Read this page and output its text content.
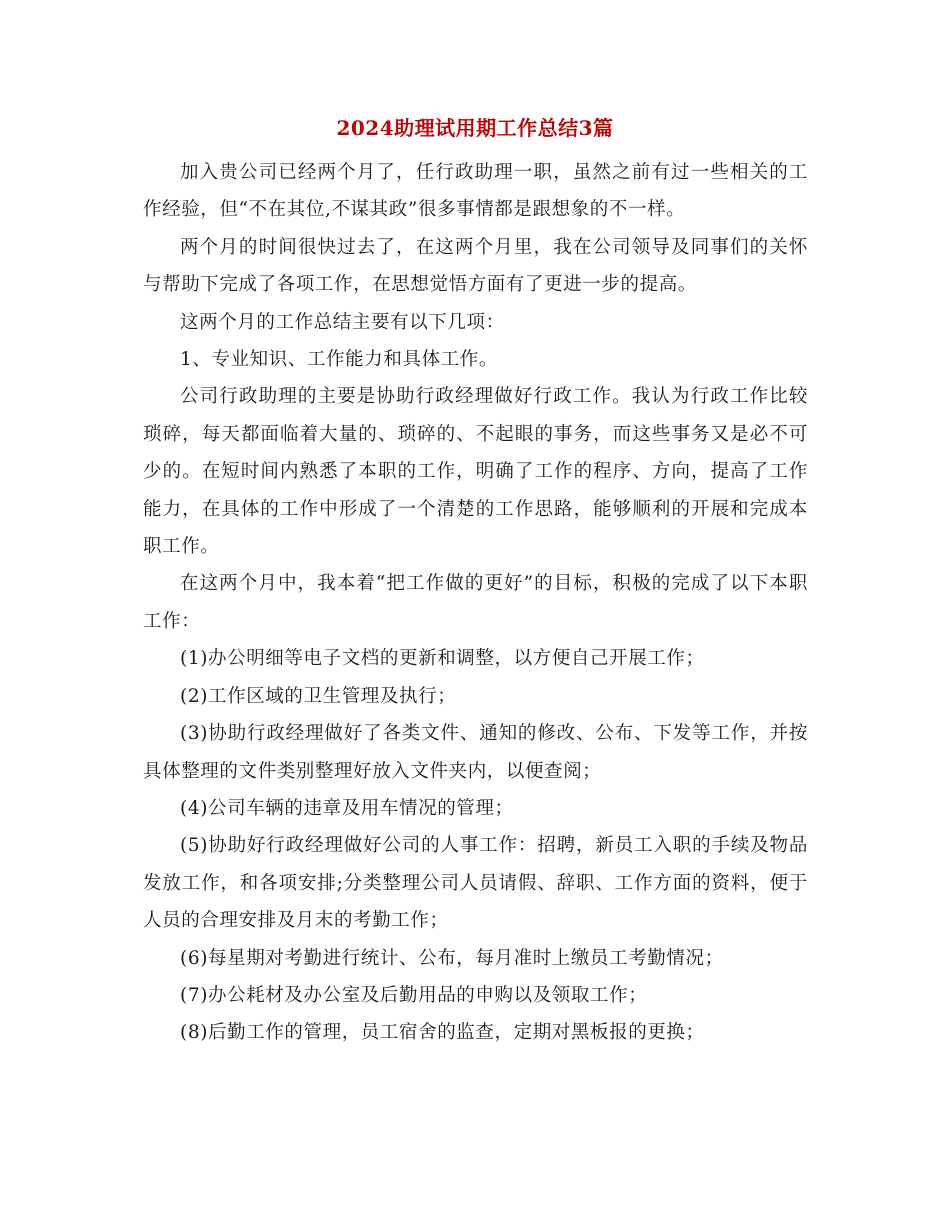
2024助理试用期工作总结3篇

加入贵公司已经两个月了，任行政助理一职，虽然之前有过一些相关的工作经验，但“不在其位,不谋其政”很多事情都是跟想象的不一样。

两个月的时间很快过去了，在这两个月里，我在公司领导及同事们的关怀与帮助下完成了各项工作，在思想觉悟方面有了更进一步的提高。

这两个月的工作总结主要有以下几项：

1、专业知识、工作能力和具体工作。

公司行政助理的主要是协助行政经理做好行政工作。我认为行政工作比较琐碎，每天都面临着大量的、琐碎的、不起眼的事务，而这些事务又是必不可少的。在短时间内熟悉了本职的工作，明确了工作的程序、方向，提高了工作能力，在具体的工作中形成了一个清楚的工作思路，能够顺利的开展和完成本职工作。

在这两个月中，我本着“把工作做的更好”的目标，积极的完成了以下本职工作：

(1)办公明细等电子文档的更新和调整，以方便自己开展工作；

(2)工作区域的卫生管理及执行；

(3)协助行政经理做好了各类文件、通知的修改、公布、下发等工作，并按具体整理的文件类别整理好放入文件夹内，以便查阅；

(4)公司车辆的违章及用车情况的管理；

(5)协助好行政经理做好公司的人事工作：招聘，新员工入职的手续及物品发放工作，和各项安排;分类整理公司人员请假、辞职、工作方面的资料，便于人员的合理安排及月末的考勤工作；

(6)每星期对考勤进行统计、公布，每月准时上缴员工考勤情况；

(7)办公耗材及办公室及后勤用品的申购以及领取工作；

(8)后勤工作的管理，员工宿舍的监查，定期对黑板报的更换；
